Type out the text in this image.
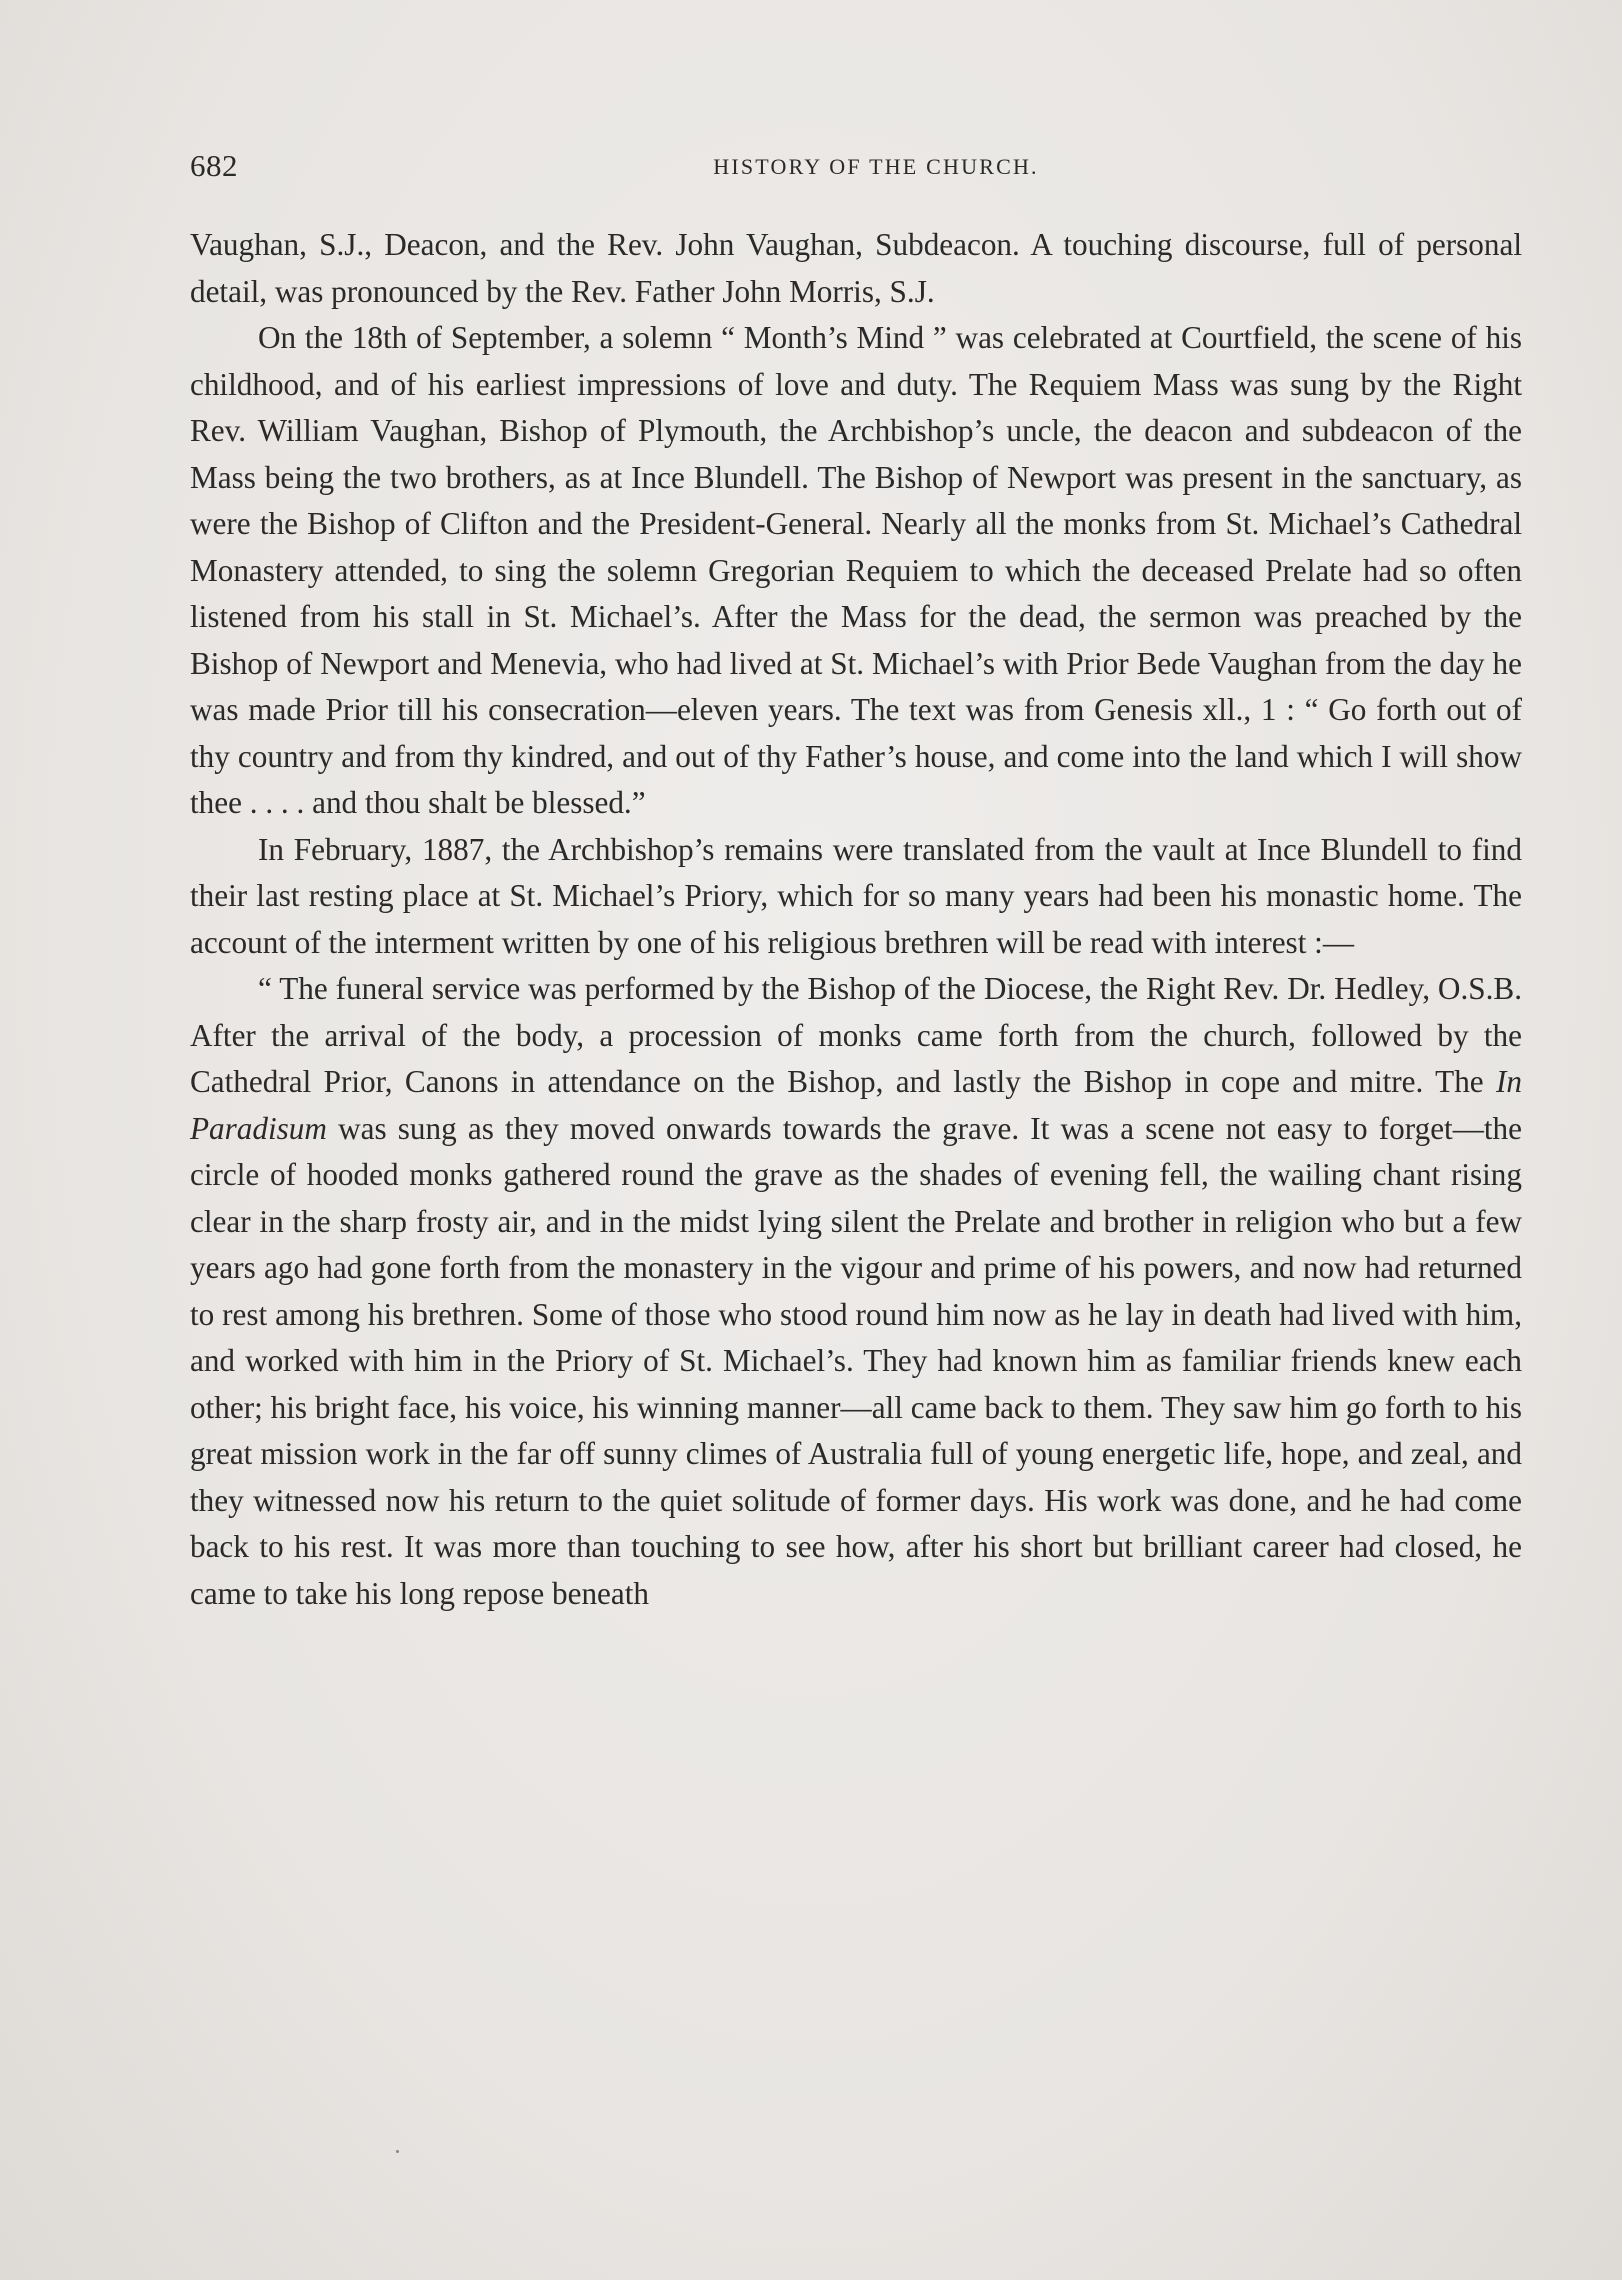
682	HISTORY OF THE CHURCH.

Vaughan, S.J., Deacon, and the Rev. John Vaughan, Subdeacon. A touching discourse, full of personal detail, was pronounced by the Rev. Father John Morris, S.J.

On the 18th of September, a solemn “ Month’s Mind ” was celebrated at Courtfield, the scene of his childhood, and of his earliest impressions of love and duty. The Requiem Mass was sung by the Right Rev. William Vaughan, Bishop of Plymouth, the Archbishop’s uncle, the deacon and subdeacon of the Mass being the two brothers, as at Ince Blundell. The Bishop of Newport was present in the sanctuary, as were the Bishop of Clifton and the President-General. Nearly all the monks from St. Michael’s Cathedral Monastery attended, to sing the solemn Gregorian Requiem to which the deceased Prelate had so often listened from his stall in St. Michael’s. After the Mass for the dead, the sermon was preached by the Bishop of Newport and Menevia, who had lived at St. Michael’s with Prior Bede Vaughan from the day he was made Prior till his consecration—eleven years. The text was from Genesis xll., 1 : “ Go forth out of thy country and from thy kindred, and out of thy Father’s house, and come into the land which I will show thee . . . . and thou shalt be blessed.”

In February, 1887, the Archbishop’s remains were translated from the vault at Ince Blundell to find their last resting place at St. Michael’s Priory, which for so many years had been his monastic home. The account of the interment written by one of his religious brethren will be read with interest :—

“ The funeral service was performed by the Bishop of the Diocese, the Right Rev. Dr. Hedley, O.S.B. After the arrival of the body, a procession of monks came forth from the church, followed by the Cathedral Prior, Canons in attendance on the Bishop, and lastly the Bishop in cope and mitre. The In Paradisum was sung as they moved onwards towards the grave. It was a scene not easy to forget—the circle of hooded monks gathered round the grave as the shades of evening fell, the wailing chant rising clear in the sharp frosty air, and in the midst lying silent the Prelate and brother in religion who but a few years ago had gone forth from the monastery in the vigour and prime of his powers, and now had returned to rest among his brethren. Some of those who stood round him now as he lay in death had lived with him, and worked with him in the Priory of St. Michael’s. They had known him as familiar friends knew each other; his bright face, his voice, his winning manner—all came back to them. They saw him go forth to his great mission work in the far off sunny climes of Australia full of young energetic life, hope, and zeal, and they witnessed now his return to the quiet solitude of former days. His work was done, and he had come back to his rest. It was more than touching to see how, after his short but brilliant career had closed, he came to take his long repose beneath
